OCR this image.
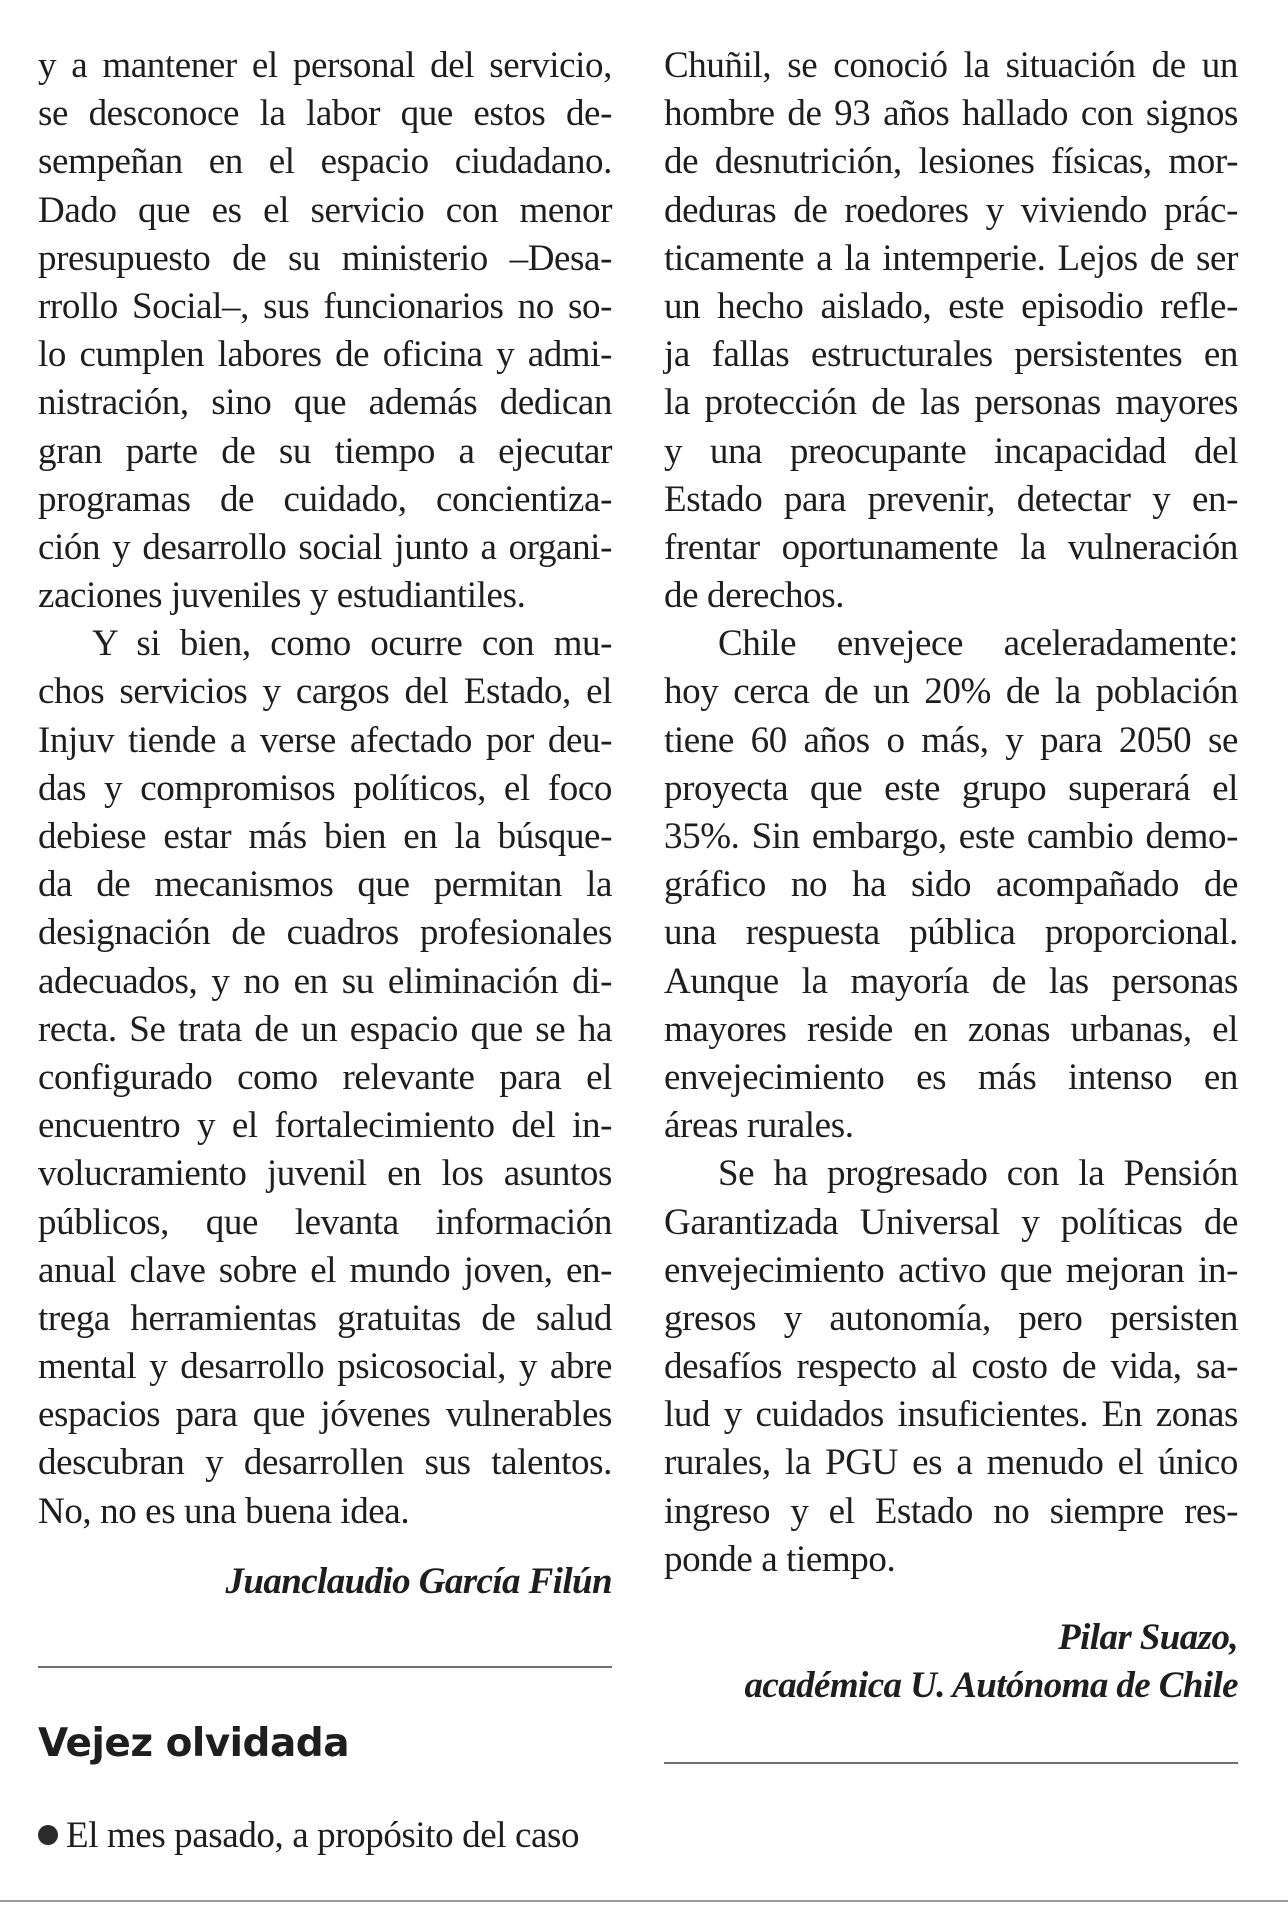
y a mantener el personal del servicio,
se desconoce la labor que estos de-
sempeñan en el espacio ciudadano.
Dado que es el servicio con menor
presupuesto de su ministerio –Desa-
rrollo Social–, sus funcionarios no so-
lo cumplen labores de oficina y admi-
nistración, sino que además dedican
gran parte de su tiempo a ejecutar
programas de cuidado, concientiza-
ción y desarrollo social junto a organi-
zaciones juveniles y estudiantiles.
Y si bien, como ocurre con mu-
chos servicios y cargos del Estado, el
Injuv tiende a verse afectado por deu-
das y compromisos políticos, el foco
debiese estar más bien en la búsque-
da de mecanismos que permitan la
designación de cuadros profesionales
adecuados, y no en su eliminación di-
recta. Se trata de un espacio que se ha
configurado como relevante para el
encuentro y el fortalecimiento del in-
volucramiento juvenil en los asuntos
públicos, que levanta información
anual clave sobre el mundo joven, en-
trega herramientas gratuitas de salud
mental y desarrollo psicosocial, y abre
espacios para que jóvenes vulnerables
descubran y desarrollen sus talentos.
No, no es una buena idea.
Juanclaudio García Filún
Vejez olvidada
El mes pasado, a propósito del caso
Chuñil, se conoció la situación de un
hombre de 93 años hallado con signos
de desnutrición, lesiones físicas, mor-
deduras de roedores y viviendo prác-
ticamente a la intemperie. Lejos de ser
un hecho aislado, este episodio refle-
ja fallas estructurales persistentes en
la protección de las personas mayores
y una preocupante incapacidad del
Estado para prevenir, detectar y en-
frentar oportunamente la vulneración
de derechos.
Chile envejece aceleradamente:
hoy cerca de un 20% de la población
tiene 60 años o más, y para 2050 se
proyecta que este grupo superará el
35%. Sin embargo, este cambio demo-
gráfico no ha sido acompañado de
una respuesta pública proporcional.
Aunque la mayoría de las personas
mayores reside en zonas urbanas, el
envejecimiento es más intenso en
áreas rurales.
Se ha progresado con la Pensión
Garantizada Universal y políticas de
envejecimiento activo que mejoran in-
gresos y autonomía, pero persisten
desafíos respecto al costo de vida, sa-
lud y cuidados insuficientes. En zonas
rurales, la PGU es a menudo el único
ingreso y el Estado no siempre res-
ponde a tiempo.
Pilar Suazo,
académica U. Autónoma de Chile
